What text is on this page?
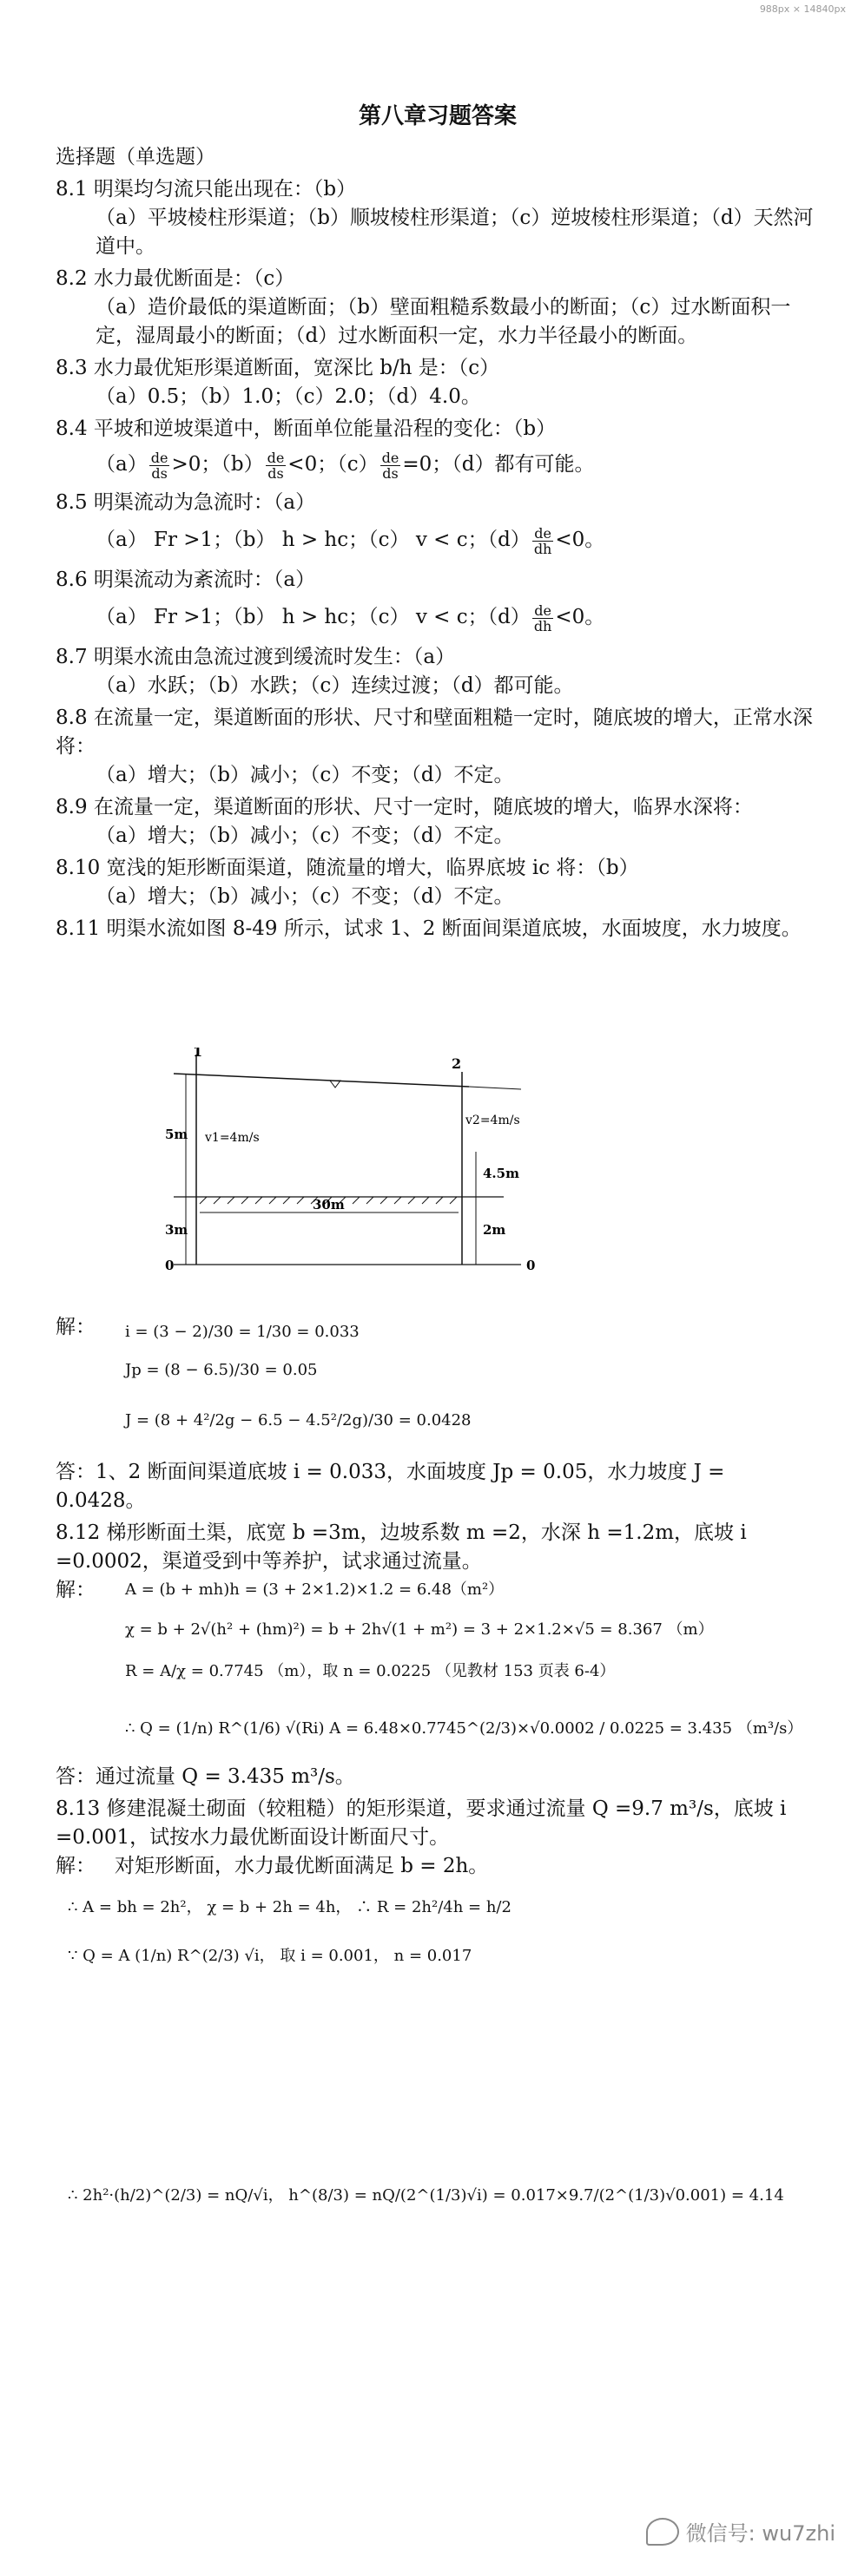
988px × 14840px
第八章习题答案

选择题（单选题）

8.1 明渠均匀流只能出现在：（b）

（a）平坡棱柱形渠道；（b）顺坡棱柱形渠道；（c）逆坡棱柱形渠道；（d）天然河道中。

8.2 水力最优断面是：（c）

（a）造价最低的渠道断面；（b）壁面粗糙系数最小的断面；（c）过水断面积一定，湿周最小的断面；（d）过水断面积一定，水力半径最小的断面。

8.3 水力最优矩形渠道断面，宽深比 b/h 是：（c）

（a）0.5；（b）1.0；（c）2.0；（d）4.0。

8.4 平坡和逆坡渠道中，断面单位能量沿程的变化：（b）

$(a) \frac{de}{ds} >0$；$(b) \frac{de}{ds} <0$；$(c) \frac{de}{ds} =0$；（d）都有可能。

8.5 明渠流动为急流时：（a）

（a） Fr >1；（b） h > hc；（c） v < c；$(d) \frac{de}{dh} <0$。

8.6 明渠流动为紊流时：（a）

（a） Fr >1；（b） h > hc；（c） v < c；$(d) \frac{de}{dh} <0$。

8.7 明渠水流由急流过渡到缓流时发生：（a）

（a）水跃；（b）水跌；（c）连续过渡；（d）都可能。

8.8 在流量一定，渠道断面的形状、尺寸和壁面粗糙一定时，随底坡的增大，正常水深将：

（a）增大；（b）减小；（c）不变；（d）不定。

8.9 在流量一定，渠道断面的形状、尺寸一定时，随底坡的增大，临界水深将：

（a）增大；（b）减小；（c）不变；（d）不定。

8.10 宽浅的矩形断面渠道，随流量的增大，临界底坡 ic 将：（b）

（a）增大；（b）减小；（c）不变；（d）不定。

8.11 明渠水流如图 8-49 所示，试求 1、2 断面间渠道底坡，水面坡度，水力坡度。

1
2
v1=4m/s
v2=4m/s
5m
3m
4.5m
2m
30m
0	0

解：	i = (3 − 2)/30 = 1/30 = 0.033

Jp = (8 − 6.5)/30 = 0.05

J = (8 + 4²/2g − 6.5 − 4.5²/2g)/30 = 0.0428

答：1、2 断面间渠道底坡 i = 0.033，水面坡度 Jp = 0.05，水力坡度 J = 0.0428。

8.12 梯形断面土渠，底宽 b =3m，边坡系数 m =2，水深 h =1.2m，底坡 i =0.0002，渠道受到中等养护，试求通过流量。

解：	A = (b + mh)h = (3 + 2×1.2)×1.2 = 6.48（m²）

χ = b + 2√(h² + (hm)²) = b + 2h√(1 + m²) = 3 + 2×1.2×√5 = 8.367 （m）

R = A/χ = 0.7745 （m），取 n = 0.0225 （见教材 153 页表 6-4）

∴ Q = (1/n) R^(1/6) √(Ri) A = 6.48×0.7745^(2/3)×√0.0002 / 0.0225 = 3.435 （m³/s）

答：通过流量 Q = 3.435 m³/s。

8.13 修建混凝土砌面（较粗糙）的矩形渠道，要求通过流量 Q =9.7 m³/s，底坡 i =0.001，试按水力最优断面设计断面尺寸。

解： 对矩形断面，水力最优断面满足 b = 2h。

∴ A = bh = 2h²， χ = b + 2h = 4h， ∴ R = 2h²/4h = h/2

∵ Q = A (1/n) R^(2/3) √i， 取 i = 0.001， n = 0.017

∴ 2h²·(h/2)^(2/3) = nQ/√i， h^(8/3) = nQ/(2^(1/3)√i) = 0.017×9.7/(2^(1/3)√0.001) = 4.14

微信号: wu7zhi
